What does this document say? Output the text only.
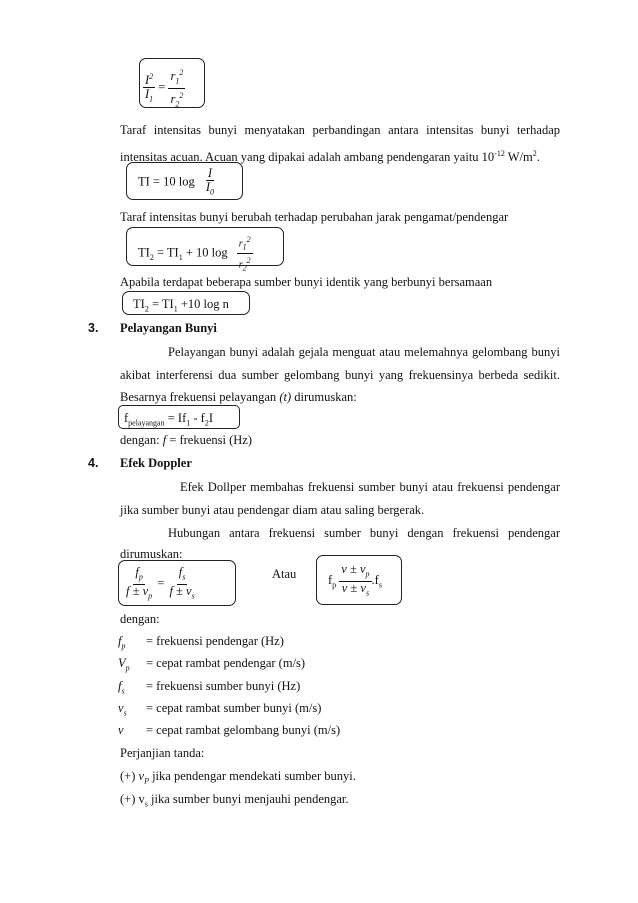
$\frac{I^2}{I_1} = \frac{r_1^2}{r_2^2}$
Taraf intensitas bunyi menyatakan perbandingan antara intensitas bunyi terhadap
intensitas acuan. Acuan yang dipakai adalah ambang pendengaran yaitu $10^{-12}$ $W/m^2$.
TI = 10 $\log \frac{I}{I_0}$
Taraf intensitas bunyi berubah terhadap perubahan jarak pengamat/pendengar
$TI_2 = TI_1 + 10$ $\log \frac{r_1^2}{r_2^2}$
Apabila terdapat beberapa sumber bunyi identik yang berbunyi bersamaan
$TI_2 = TI_1 +10$ log n
3. Pelayangan Bunyi
Pelayangan bunyi adalah gejala menguat atau melemahnya gelombang bunyi
akibat interferensi dua sumber gelombang bunyi yang frekuensinya berbeda sedikit.
Besarnya frekuensi pelayangan (t) dirumuskan:
$f_{pelayangan} = If_1 - f_2I$
dengan: f = frekuensi (Hz)
4. Efek Doppler
Efek Dollper membahas frekuensi sumber bunyi atau frekuensi pendengar
jika sumber bunyi atau pendengar diam atau saling bergerak.
Hubungan antara frekuensi sumber bunyi dengan frekuensi pendengar
dirumuskan:
$\frac{f_p}{f \pm v_p} = \frac{f_s}{f \pm v_s}$	Atau	$f_p \frac{v \pm v_p}{v \pm v_s} .f_s$
dengan:
$f_p$ = frekuensi pendengar (Hz)
$V_p$ = cepat rambat pendengar (m/s)
$f_s$ = frekuensi sumber bunyi (Hz)
$v_s$ = cepat rambat sumber bunyi (m/s)
v = cepat rambat gelombang bunyi (m/s)
Perjanjian tanda:
(+) $v_P$ jika pendengar mendekati sumber bunyi.
(+) $v_s$ jika sumber bunyi menjauhi pendengar.
